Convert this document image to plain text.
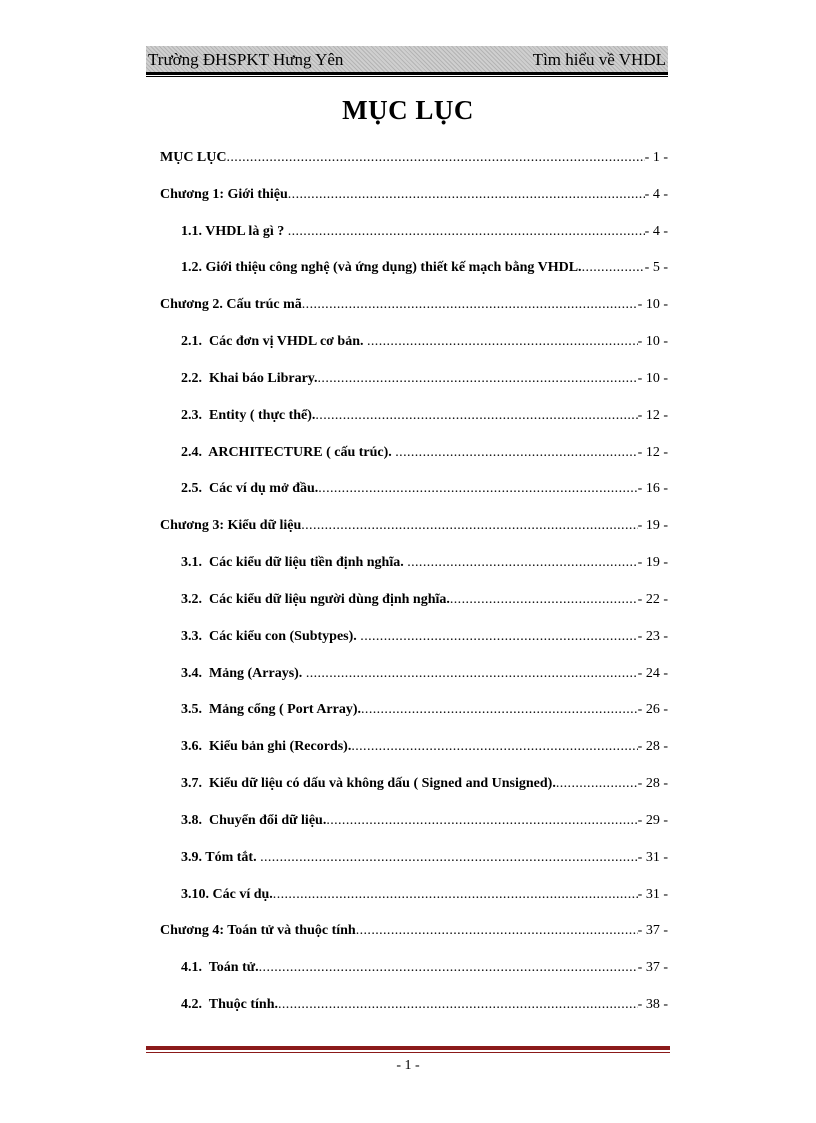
Trường ĐHSPKT Hưng Yên	Tìm hiểu về VHDL
MỤC LỤC
MỤC LỤC .....	- 1 -
Chương 1: Giới thiệu .....	- 4 -
1.1. VHDL là gì ? .....	- 4 -
1.2. Giới thiệu công nghệ (và ứng dụng) thiết kế mạch bằng VHDL. .....	- 5 -
Chương 2. Cấu trúc mã .....	- 10 -
2.1.  Các đơn vị VHDL cơ bản. .....	- 10 -
2.2.  Khai báo Library. .....	- 10 -
2.3.  Entity ( thực thể). .....	- 12 -
2.4.  ARCHITECTURE ( cấu trúc). .....	- 12 -
2.5.  Các ví dụ mở đầu. .....	- 16 -
Chương 3: Kiểu dữ liệu .....	- 19 -
3.1.  Các kiểu dữ liệu tiền định nghĩa. .....	- 19 -
3.2.  Các kiểu dữ liệu người dùng định nghĩa. .....	- 22 -
3.3.  Các kiểu con (Subtypes). .....	- 23 -
3.4.  Mảng (Arrays). .....	- 24 -
3.5.  Mảng cổng ( Port Array). .....	- 26 -
3.6.  Kiểu bản ghi (Records). .....	- 28 -
3.7.  Kiểu dữ liệu có dấu và không dấu ( Signed and Unsigned). .....	- 28 -
3.8.  Chuyển đổi dữ liệu. .....	- 29 -
3.9. Tóm tắt. .....	- 31 -
3.10. Các ví dụ. .....	- 31 -
Chương 4: Toán tử và thuộc tính .....	- 37 -
4.1.  Toán tử. .....	- 37 -
4.2.  Thuộc tính. .....	- 38 -
- 1 -
